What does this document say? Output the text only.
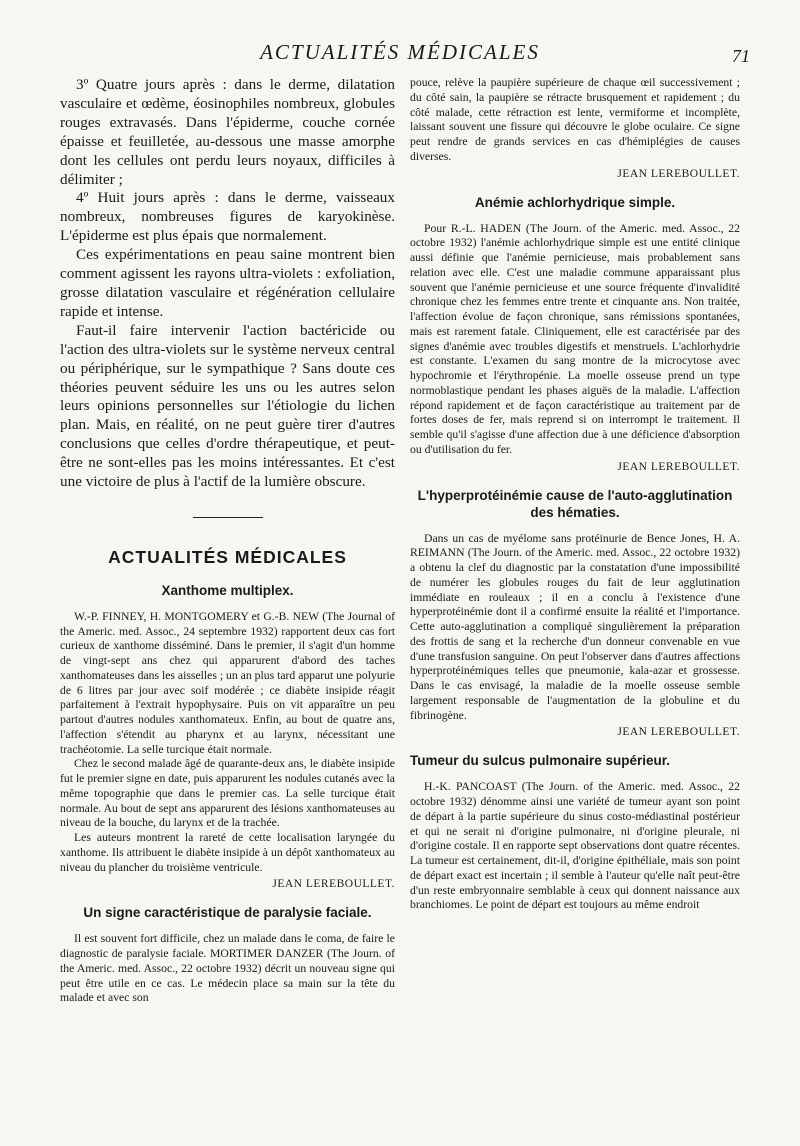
ACTUALITÉS MÉDICALES	71

3º Quatre jours après : dans le derme, dilatation vasculaire et œdème, éosinophiles nombreux, globules rouges extravasés. Dans l'épiderme, couche cornée épaisse et feuilletée, au-dessous une masse amorphe dont les cellules ont perdu leurs noyaux, difficiles à délimiter ;

4º Huit jours après : dans le derme, vaisseaux nombreux, nombreuses figures de karyokinèse. L'épiderme est plus épais que normalement.

Ces expérimentations en peau saine montrent bien comment agissent les rayons ultra-violets : exfoliation, grosse dilatation vasculaire et régénération cellulaire rapide et intense.

Faut-il faire intervenir l'action bactéricide ou l'action des ultra-violets sur le système nerveux central ou périphérique, sur le sympathique ? Sans doute ces théories peuvent séduire les uns ou les autres selon leurs opinions personnelles sur l'étiologie du lichen plan. Mais, en réalité, on ne peut guère tirer d'autres conclusions que celles d'ordre thérapeutique, et peut-être ne sont-elles pas les moins intéressantes. Et c'est une victoire de plus à l'actif de la lumière obscure.

ACTUALITÉS MÉDICALES
Xanthome multiplex.

W.-P. FINNEY, H. MONTGOMERY et G.-B. NEW (The Journal of the Americ. med. Assoc., 24 septembre 1932) rapportent deux cas fort curieux de xanthome disséminé. Dans le premier, il s'agit d'un homme de vingt-sept ans chez qui apparurent d'abord des taches xanthomateuses dans les aisselles ; un an plus tard apparut une polyurie de 6 litres par jour avec soif modérée ; ce diabète insipide réagit parfaitement à l'extrait hypophysaire. Puis on vit apparaître un peu partout d'autres nodules xanthomateux. Enfin, au bout de quatre ans, l'affection s'étendit au pharynx et au larynx, nécessitant une trachéotomie. La selle turcique était normale.

Chez le second malade âgé de quarante-deux ans, le diabète insipide fut le premier signe en date, puis apparurent les nodules cutanés avec la même topographie que dans le premier cas. La selle turcique était normale. Au bout de sept ans apparurent des lésions xanthomateuses au niveau de la bouche, du larynx et de la trachée.

Les auteurs montrent la rareté de cette localisation laryngée du xanthome. Ils attribuent le diabète insipide à un dépôt xanthomateux au niveau du plancher du troisième ventricule.

JEAN LEREBOULLET.
Un signe caractéristique de paralysie faciale.

Il est souvent fort difficile, chez un malade dans le coma, de faire le diagnostic de paralysie faciale. MORTIMER DANZER (The Journ. of the Americ. med. Assoc., 22 octobre 1932) décrit un nouveau signe qui peut être utile en ce cas. Le médecin place sa main sur la tête du malade et avec son

pouce, relève la paupière supérieure de chaque œil successivement ; du côté sain, la paupière se rétracte brusquement et rapidement ; du côté malade, cette rétraction est lente, vermiforme et incomplète, laissant souvent une fissure qui découvre le globe oculaire. Ce signe peut rendre de grands services en cas d'hémiplégies de causes diverses.

JEAN LEREBOULLET.
Anémie achlorhydrique simple.

Pour R.-L. HADEN (The Journ. of the Americ. med. Assoc., 22 octobre 1932) l'anémie achlorhydrique simple est une entité clinique aussi définie que l'anémie pernicieuse, mais probablement sans relation avec elle. C'est une maladie commune apparaissant plus souvent que l'anémie pernicieuse et une source fréquente d'invalidité chronique chez les femmes entre trente et cinquante ans. Non traitée, l'affection évolue de façon chronique, sans rémissions spontanées, mais est rarement fatale. Cliniquement, elle est caractérisée par des signes d'anémie avec troubles digestifs et menstruels. L'achlorhydrie est constante. L'examen du sang montre de la microcytose avec hypochromie et l'érythropénie. La moelle osseuse prend un type normoblastique pendant les phases aiguës de la maladie. L'affection répond rapidement et de façon caractéristique au traitement par de fortes doses de fer, mais reprend si on interrompt le traitement. Il semble qu'il s'agisse d'une affection due à une déficience d'absorption ou d'utilisation du fer.

JEAN LEREBOULLET.
L'hyperprotéinémie cause de l'auto-agglutination des hématies.

Dans un cas de myélome sans protéinurie de Bence Jones, H. A. REIMANN (The Journ. of the Americ. med. Assoc., 22 octobre 1932) a obtenu la clef du diagnostic par la constatation d'une impossibilité de numérer les globules rouges du fait de leur agglutination immédiate en rouleaux ; il en a conclu à l'existence d'une hyperprotéinémie dont il a confirmé ensuite la réalité et l'importance. Cette auto-agglutination a compliqué singulièrement la préparation des frottis de sang et la recherche d'un donneur convenable en vue d'une transfusion sanguine. On peut l'observer dans d'autres affections hyperprotéinémiques telles que pneumonie, kala-azar et grossesse. Dans le cas envisagé, la maladie de la moelle osseuse semble largement responsable de l'augmentation de la globuline et du fibrinogène.

JEAN LEREBOULLET.
Tumeur du sulcus pulmonaire supérieur.

H.-K. PANCOAST (The Journ. of the Americ. med. Assoc., 22 octobre 1932) dénomme ainsi une variété de tumeur ayant son point de départ à la partie supérieure du sinus costo-médiastinal postérieur et qui ne serait ni d'origine pulmonaire, ni d'origine pleurale, ni d'origine costale. Il en rapporte sept observations dont quatre récentes. La tumeur est certainement, dit-il, d'origine épithéliale, mais son point de départ exact est incertain ; il semble à l'auteur qu'elle naît peut-être d'un reste embryonnaire semblable à ceux qui donnent naissance aux branchiomes. Le point de départ est toujours au même endroit
